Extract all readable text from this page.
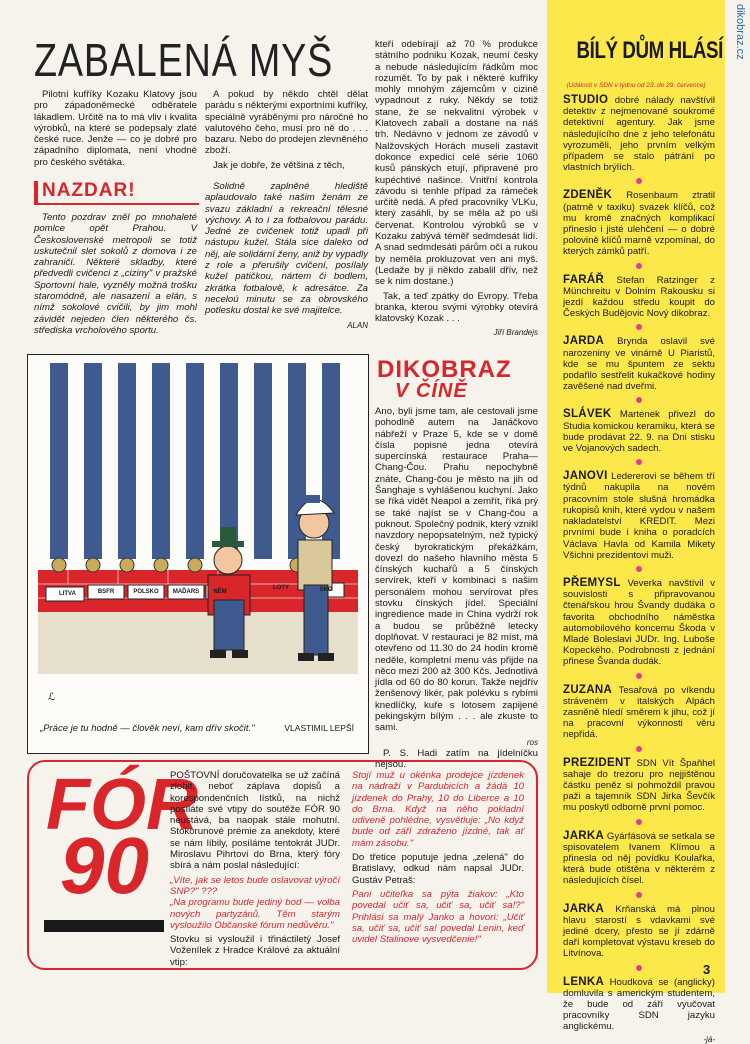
ZABALENÁ MYŠ

Pilotní kufříky Kozaku Klatovy jsou pro západoněmecké odběratele lákadlem. Určitě na to má vliv i kvalita výrobků, na které se podepsaly zlaté české ruce. Jenže — co je dobré pro západního diplomata, není vhodné pro českého světáka.

A pokud by někdo chtěl dělat parádu s některými exportními kufříky, speciálně vyráběnými pro náročné ho valutového čeho, musí pro ně do . . . bazaru. Nebo do prodejen zlevněného zboží.

Jak je dobře, že většina z těch,

kteří odebírají až 70 % produkce státního podniku Kozak, neumí česky a nebude následujícím řádkům moc rozumět. To by pak i některé kufříky mohly mnohým zájemcům v cizině vypadnout z ruky. Někdy se totiž stane, že se nekvalitní výrobek v Klatovech zabalí a dostane na náš trh. Nedávno v jednom ze závodů v Nalžovských Horách museli zastavit dokonce expedici celé série 1060 kusů pánských etují, připravené pro kupéchtivé našince. Vnitřní kontrola závodu si tenhle případ za rámeček určitě nedá. A před pracovníky VLKu, který zasáhli, by se měla až po uši červenat. Kontrolou výrobků se v Kozaku zabývá téměř sedmdesát lidí. A snad sedmdesáti párům očí a rukou by neměla prokluzovat ven ani myš. (Ledaže by ji někdo zabalil dřív, než se k nim dostane.)

Tak, a teď zpátky do Evropy. Třeba branka, kterou svými výrobky otevírá klatovský Kozak . . .

Jiří Brandejs
NAZDAR!

Tento pozdrav zněl po mnohaleté pomlce opět Prahou. V Československé metropoli se totiž uskutečnil slet sokolů z domova i ze zahraničí. Některé skladby, které předvedli cvičenci z „ciziny" v pražské Sportovní hale, vyzněly možná trošku staromódně, ale nasazení a elán, s nímž sokolové cvičili, by jim mohl závidět nejeden člen některého čs. střediska vrcholového sportu.

Solidně zaplněné hlediště aplaudovalo také našim ženám ze svazu základní a rekreační tělesné výchovy. A to i za fotbalovou parádu. Jedné ze cvičenek totiž upadl při nástupu kužel. Stála sice daleko od něj, ale solidární ženy, aniž by vypadly z role a přerušily cvičení, posílaly kužel patičkou, nártem či bodlem, zkrátka fotbalově, k adresátce. Za neceloú minutu se za obrovského potlesku dostal ke své majitelce.

ALAN
ℒ
LITVA	BSFR	POLSKO	MAĎARS	NĚM
LOTY	SKO
„Práce je tu hodně — člověk neví, kam dřív skočit."	VLASTIMIL LEPŠÍ
DIKOBRAZ
V ČÍNĚ

Ano, byli jsme tam, ale cestovali jsme pohodlně autem na Janáčkovo nábřeží v Praze 5, kde se v domě čísla popisné jedna otevírá supercínská restaurace Praha—Chang-Čou. Prahu nepochybně znáte, Chang-čou je město na jih od Šanghaje s vyhlášenou kuchyní. Jako se říká vidět Neapol a zemřít, říká prý se také najíst se v Chang-čou a puknout. Společný podnik, který vznikl navzdory nepopsatelným, než typický český byrokratickým překážkám, dovezl do našeho hlavního města 5 čínských kuchařů a 5 čínských servírek, kteří v kombinaci s našim personálem mohou servírovat přes stovku čínských jídel. Speciální ingredience made in China vydrží rok a budou se průběžně letecky doplňovat. V restauraci je 82 míst, má otevřeno od 11.30 do 24 hodin kromě neděle, kompletní menu vás přijde na něco mezi 200 až 300 Kčs. Jednotlivá jídla od 60 do 80 korun. Takže nejdřív ženšenový likér, pak polévku s rybími knedlíčky, kuře s lotosem zapijené pekingským bílým . . . ale zkuste to sami.

ros

P. S. Hadi zatím na jídelníčku nejsou.

FÓR
90

POŠTOVNÍ doručovatelka se už začíná zlobit, neboť záplava dopisů a korespondenčních lístků, na nichž posíláte své vtipy do soutěže FÓR 90 neustává, ba naopak stále mohutní. Stokorunové prémie za anekdoty, které se nám líbily, posíláme tentokrát JUDr. Miroslavu Pihrtovi do Brna, který fóry sbírá a nám poslal následující:

„Víte, jak se letos bude oslavovat výročí SNP?" ???
„Na programu bude jediný bod — volba nových partyzánů. Těm starým vysloužilo Občanské fórum nedůvěru."

Stovku si vysloužil i třináctiletý Josef Voženílek z Hradce Králové za aktuální vtip:

Stojí muž u okénka prodejce jízdenek na nádraží v Pardubicích a žádá 10 jízdenek do Prahy, 10 do Liberce a 10 do Brna. Když na něho pokladní udiveně pohlédne, vysvětluje: „No když bude od září zdraženo jízdné, tak ať mám zásobu."

Do třetice poputuje jedna „zelená" do Bratislavy, odkud nám napsal JUDr. Gustáv Petraš:

Pani učiteľka sa pýta žiakov: „Kto povedal učiť sa, učiť sa, učiť sa!?" Prihlási sa malý Janko a hovorí: „Učiť sa, učiť sa, učiť sa! povedal Lenin, keď uvidel Stalinove vysvedčenie!"

dikobraz.cz
BÍLÝ DŮM HLÁSÍ
(Události v SDN v týdnu od 23. do 29. července)
STUDIO dobré nálady navštívil detektiv z nejmenované soukromé detektivní agentury. Jak jsme následujícího dne z jeho telefonátu vyrozuměli, jeho prvním velkým případem se stalo pátrání po vlastních brýlích.
ZDENĚK Rosenbaum ztratil (patrně v taxiku) svazek klíčů, což mu kromě značných komplikací přineslo i jisté ulehčení — o dobré polovině klíčů marně vzpomínal, do kterých zámků patří.
FARÁŘ Stefan Ratzinger z Münchreitu v Dolním Rakousku si jezdí každou středu koupit do Českých Budějovic Nový dikobraz.
JARDA Brynda oslavil své narozeniny ve vinárně U Piaristů, kde se mu špuntem ze sektu podařilo sestřelit kukačkové hodiny zavěšené nad dveřmi.
SLÁVEK Martenek přivezl do Studia komickou keramiku, která se bude prodávat 22. 9. na Dni stisku ve Vojanových sadech.
JANOVI Ledererovi se během tří týdnů nakupila na novém pracovním stole slušná hromádka rukopisů knih, které vydou v našem nakladatelství KREDIT. Mezi prvními bude i kniha o poradcích Václava Havla od Kamila Mikety Všichni prezidentovi muži.
PŘEMYSL Veverka navštívil v souvislosti s připravovanou čtenářskou hrou Švandy dudáka o favorita obchodního náměstka automobilového koncernu Škoda v Mladé Boleslavi JUDr. Ing. Luboše Kopeckého. Podrobnosti z jednání přinese Švanda dudák.
ZUZANA Tesařová po víkendu stráveném v italských Alpách zasněně hledí směrem k jihu, což jí na pracovní výkonnosti věru nepřidá.
PREZIDENT SDN Vít Špaňhel sahaje do trezoru pro nejjištěnou částku peněz si pohmoždil pravou paži a tajemník SDN Jirka Ševčík mu poskytl odborně první pomoc.
JARKA Gyárfásová se setkala se spisovatelem Ivanem Klímou a přinesla od něj povídku Koulařka, která bude otištěna v některém z následujících čísel.
JARKA Krňanská má plnou hlavu starostí s vdavkami své jediné dcery, přesto se jí zdárně daří kompletovat výstavu kreseb do Litvínova.
LENKA Houdková se (anglicky) domluvila s americkým studentem, že bude od září vyučovat pracovníky SDN jazyku anglickému.
-já-
3
